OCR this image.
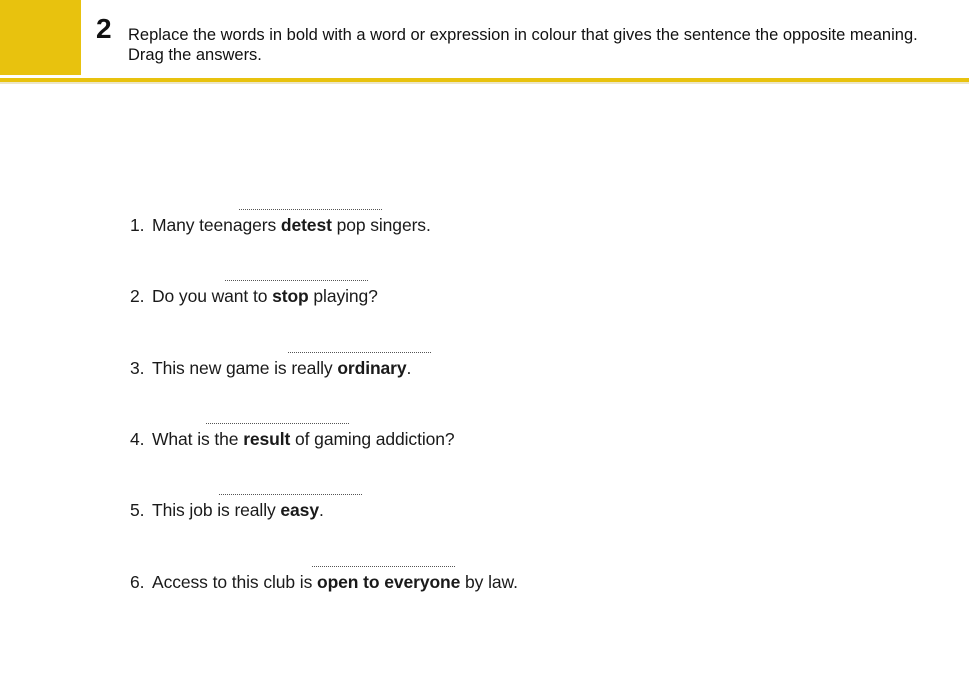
2 Replace the words in bold with a word or expression in colour that gives the sentence the opposite meaning. Drag the answers.
1. Many teenagers detest pop singers.
2. Do you want to stop playing?
3. This new game is really ordinary.
4. What is the result of gaming addiction?
5. This job is really easy.
6. Access to this club is open to everyone by law.
